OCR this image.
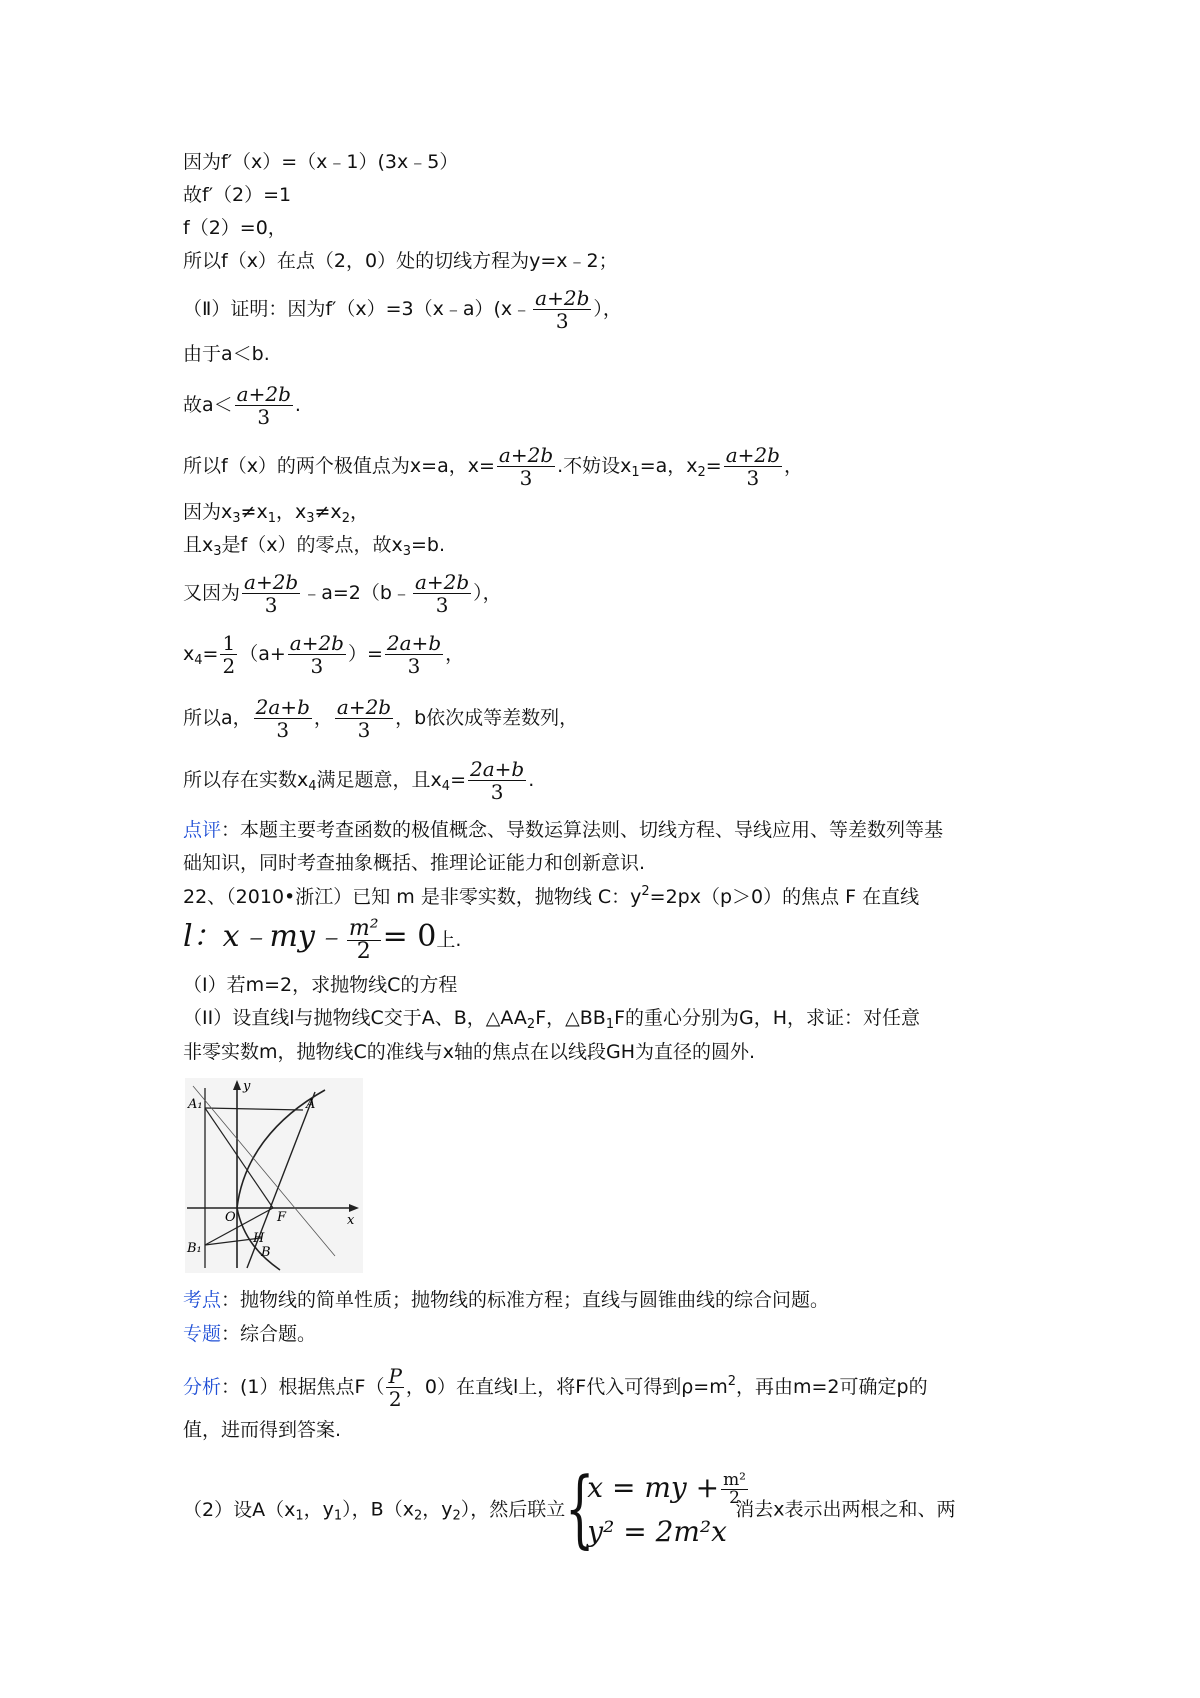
因为f′（x）=（x﹣1）(3x﹣5）
故f′（2）=1
f（2）=0，
所以f（x）在点（2，0）处的切线方程为y=x﹣2；
（Ⅱ）证明：因为f′（x）=3（x﹣a）(x﹣ $\frac{a+2b}{3}$ ），
由于a＜b.
故$a< \frac{a+2b}{3}$ .
所以f（x）的两个极值点为x=a，$x= \frac{a+2b}{3}$ .不妨设$x_1=a$，$x_2= \frac{a+2b}{3}$ ，
因为$x_3\ne x_1$，$x_3\ne x_2$，
且$x_3$是f（x）的零点，故$x_3=b$.
又因为 $\frac{a+2b}{3}$ ﹣a=2（b﹣ $\frac{a+2b}{3}$ ），
$x_4= \frac{1}{2} (a+ \frac{a+2b}{3}$ ）= $\frac{2a+b}{3}$ ，
所以a， $\frac{2a+b}{3}$ ， $\frac{a+2b}{3}$ ，b依次成等差数列，
所以存在实数$x_4$满足题意，且$x_4= \frac{2a+b}{3}$ .
点评：本题主要考查函数的极值概念、导数运算法则、切线方程、导线应用、等差数列等基
础知识，同时考查抽象概括、推理论证能力和创新意识.
22、（2010•浙江）已知 m 是非零实数，抛物线 C：$y^2=2px(p>0)$的焦点 F 在直线
l：x﹣my﹣ $\frac{\text{m²}}{2} = 0$上.
（I）若m=2，求抛物线C的方程
（II）设直线l与抛物线C交于A、B，$\triangle AA_2F$，$\triangle BB_1F$的重心分别为G，H，求证：对任意
非零实数m，抛物线C的准线与x轴的焦点在以线段GH为直径的圆外.
A₁	A
y
x
O	F
H
B₁	B
考点：抛物线的简单性质；抛物线的标准方程；直线与圆锥曲线的综合问题。
专题：综合题。
分析：(1）根据焦点$F( \frac{P}{2}$ ，0）在直线l上，将F代入可得到$\rho=m^2$，再由m=2可确定p的
值，进而得到答案.
（2）设$A(x_1$，$y_1$），$B(x_2$，$y_2$），然后联立 {
x = my + $\frac{\text{m²}}{2}$
y² = 2m²x
消去x表示出两根之和、两
